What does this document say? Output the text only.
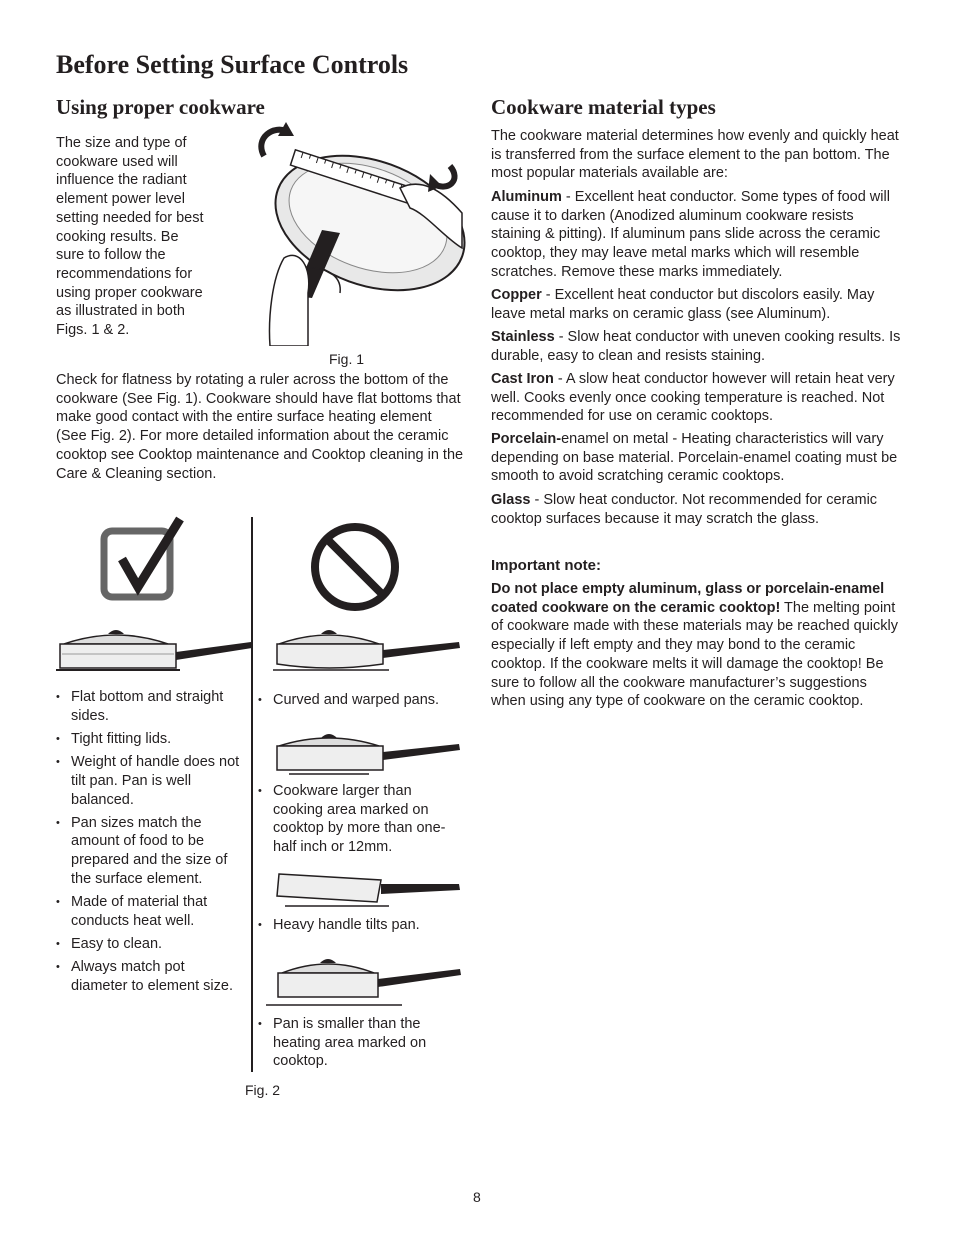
Before Setting Surface Controls
Using proper cookware
The size and type of cookware used will influence the radiant element power level setting needed for best cooking results. Be sure to follow the recommendations for using proper cookware as illustrated in both Figs. 1 & 2.
Fig. 1
Check for flatness by rotating a ruler across the bottom of the cookware (See Fig. 1). Cookware should have flat bottoms that make good contact with the entire surface heating element (See Fig. 2). For more detailed information about the ceramic cooktop see Cooktop maintenance and Cooktop cleaning in the Care & Cleaning section.
Cookware material types
The cookware material determines how evenly and quickly heat is transferred from the surface element to the pan bottom. The most popular materials available are:
Aluminum - Excellent heat conductor. Some types of food will cause it to darken (Anodized aluminum cookware resists staining & pitting). If aluminum pans slide across the ceramic cooktop, they may leave metal marks which will resemble scratches. Remove these marks immediately.
Copper - Excellent heat conductor but discolors easily. May leave metal marks on ceramic glass (see Aluminum).
Stainless - Slow heat conductor with uneven cooking results. Is durable, easy to clean and resists staining.
Cast Iron - A slow heat conductor however will retain heat very well. Cooks evenly once cooking temperature is reached. Not recommended for use on ceramic cooktops.
Porcelain-enamel on metal - Heating characteristics will vary depending on base material. Porcelain-enamel coating must be smooth to avoid scratching ceramic cooktops.
Glass - Slow heat conductor. Not recommended for ceramic cooktop surfaces because it may scratch the glass.
Important note:
Do not place empty aluminum, glass or porcelain-enamel coated cookware on the ceramic cooktop! The melting point of cookware made with these materials may be reached quickly especially if left empty and they may bond to the ceramic cooktop. If the cookware melts it will damage the cooktop! Be sure to follow all the cookware manufacturer’s suggestions when using any type of cookware on the ceramic cooktop.
• Flat bottom and straight sides.
• Tight fitting lids.
• Weight of handle does not tilt pan. Pan is well balanced.
• Pan sizes match the amount of food to be prepared and the size of the surface element.
• Made of material that conducts heat well.
• Easy to clean.
• Always match pot diameter to element size.
• Curved and warped pans.
• Cookware larger than cooking area marked on cooktop by more than one-half inch or 12mm.
• Heavy handle tilts pan.
• Pan is smaller than the heating area marked on cooktop.
Fig. 2
8
